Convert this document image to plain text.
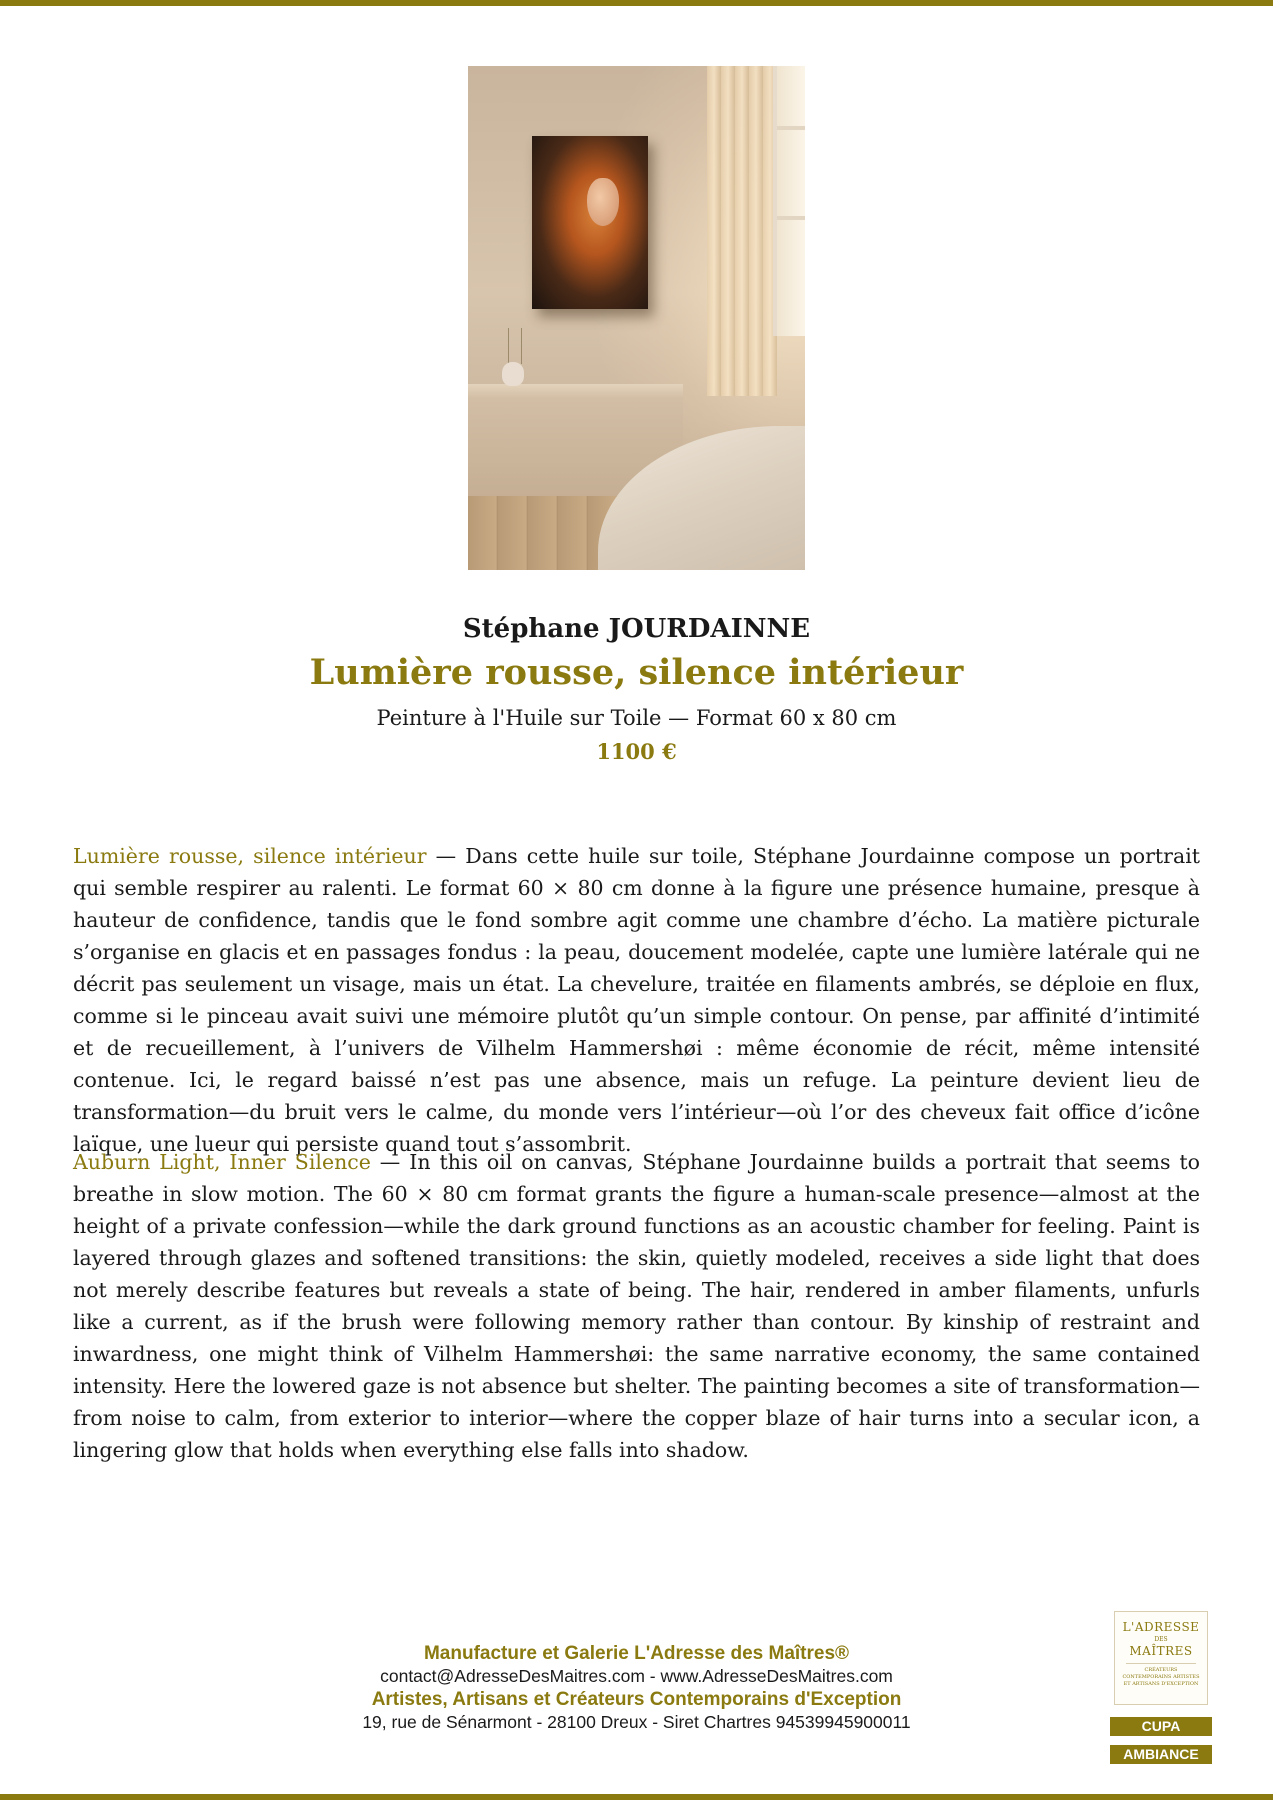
Stéphane JOURDAINNE
Lumière rousse, silence intérieur
Peinture à l'Huile sur Toile — Format 60 x 80 cm
1100 €

Lumière rousse, silence intérieur — Dans cette huile sur toile, Stéphane Jourdainne compose un portrait qui semble respirer au ralenti. Le format 60 × 80 cm donne à la figure une présence humaine, presque à hauteur de confidence, tandis que le fond sombre agit comme une chambre d’écho. La matière picturale s’organise en glacis et en passages fondus : la peau, doucement modelée, capte une lumière latérale qui ne décrit pas seulement un visage, mais un état. La chevelure, traitée en filaments ambrés, se déploie en flux, comme si le pinceau avait suivi une mémoire plutôt qu’un simple contour. On pense, par affinité d’intimité et de recueillement, à l’univers de Vilhelm Hammershøi : même économie de récit, même intensité contenue. Ici, le regard baissé n’est pas une absence, mais un refuge. La peinture devient lieu de transformation—du bruit vers le calme, du monde vers l’intérieur—où l’or des cheveux fait office d’icône laïque, une lueur qui persiste quand tout s’assombrit.

Auburn Light, Inner Silence — In this oil on canvas, Stéphane Jourdainne builds a portrait that seems to breathe in slow motion. The 60 × 80 cm format grants the figure a human-scale presence—almost at the height of a private confession—while the dark ground functions as an acoustic chamber for feeling. Paint is layered through glazes and softened transitions: the skin, quietly modeled, receives a side light that does not merely describe features but reveals a state of being. The hair, rendered in amber filaments, unfurls like a current, as if the brush were following memory rather than contour. By kinship of restraint and inwardness, one might think of Vilhelm Hammershøi: the same narrative economy, the same contained intensity. Here the lowered gaze is not absence but shelter. The painting becomes a site of transformation—from noise to calm, from exterior to interior—where the copper blaze of hair turns into a secular icon, a lingering glow that holds when everything else falls into shadow.

Manufacture et Galerie L'Adresse des Maîtres®
contact@AdresseDesMaitres.com - www.AdresseDesMaitres.com
Artistes, Artisans et Créateurs Contemporains d'Exception
19, rue de Sénarmont - 28100 Dreux - Siret Chartres 94539945900011
L'ADRESSE
DES
MAÎTRES
CRÉATEURS CONTEMPORAINS ARTISTES ET ARTISANS D'EXCEPTION
CUPA
AMBIANCE
